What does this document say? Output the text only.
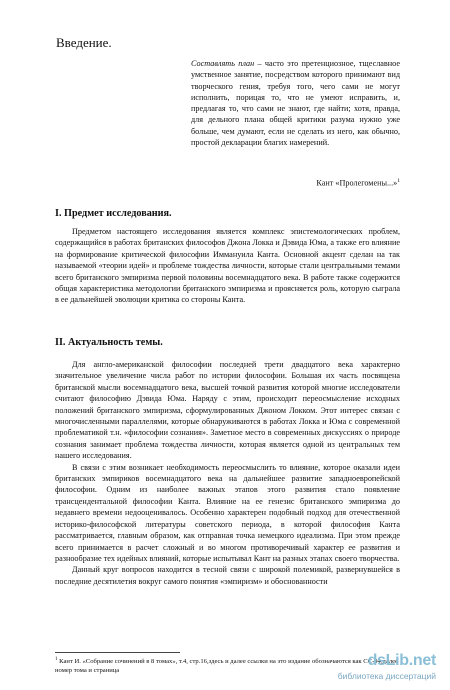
Введение.
Составлять план – часто это претенциозное, тщеславное умственное занятие, посредством которого принимают вид творческого гения, требуя того, чего сами не могут исполнить, порицая то, что не умеют исправить, и, предлагая то, что сами не знают, где найти; хотя, правда, для дельного плана общей критики разума нужно уже больше, чем думают, если не сделать из него, как обычно, простой декларации благих намерений.
Кант «Пролегомены...»$^1$
I. Предмет исследования.

Предметом настоящего исследования является комплекс эпистемологических проблем, содержащийся в работах британских философов Джона Локка и Дэвида Юма, а также его влияние на формирование критической философии Иммануила Канта. Основной акцент сделан на так называемой «теории идей» и проблеме тождества личности, которые стали центральными темами всего британского эмпиризма первой половины восемнадцатого века. В работе также содержится общая характеристика методологии британского эмпиризма и проясняется роль, которую сыграла в ее дальнейшей эволюции критика со стороны Канта.

II. Актуальность темы.

Для англо-американской философии последней трети двадцатого века характерно значительное увеличение числа работ по истории философии. Большая их часть посвящена британской мысли восемнадцатого века, высшей точкой развития которой многие исследователи считают философию Дэвида Юма. Наряду с этим, происходит переосмысление исходных положений британского эмпиризма, сформулированных Джоном Локком. Этот интерес связан с многочисленными параллелями, которые обнаруживаются в работах Локка и Юма с современной проблематикой т.н. «философии сознания». Заметное место в современных дискуссиях о природе сознания занимает проблема тождества личности, которая является одной из центральных тем нашего исследования.

В связи с этим возникает необходимость переосмыслить то влияние, которое оказали идеи британских эмпириков восемнадцатого века на дальнейшее развитие западноевропейской философии. Одним из наиболее важных этапов этого развития стало появление трансцендентальной философии Канта. Влияние на ее генезис британского эмпиризма до недавнего времени недооценивалось. Особенно характерен подобный подход для отечественной историко-философской литературы советского периода, в которой философия Канта рассматривается, главным образом, как отправная точка немецкого идеализма. При этом прежде всего принимается в расчет сложный и во многом противоречивый характер ее развития и разнообразие тех идейных влияний, которые испытывал Кант на разных этапах своего творчества.

Данный круг вопросов находится в тесной связи с широкой полемикой, развернувшейся в последние десятилетия вокруг самого понятия «эмпиризм» и обоснованности

$^1$ Кант И. «Собрание сочинений в 8 томах», т.4, стр.16,здесь и далее ссылки на это издание обозначаются как СС-94,далее номер тома и страница
dsLib.net
библиотека диссертаций
